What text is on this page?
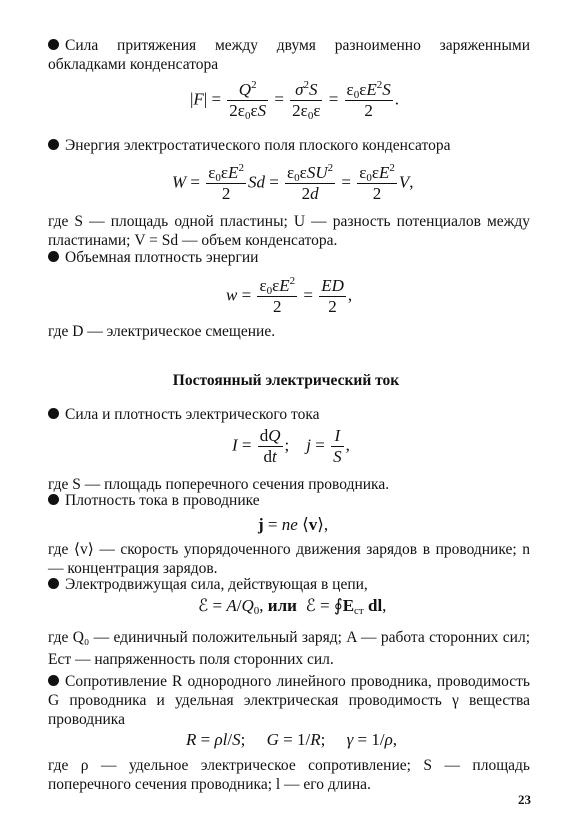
Сила притяжения между двумя разноименно заряженными обкладками конденсатора
$|F| = \frac{Q^2}{2\varepsilon_0\varepsilon S} = \frac{\sigma^2S}{2\varepsilon_0\varepsilon} = \frac{\varepsilon_0\varepsilon E^2S}{2}$ .
Энергия электростатического поля плоского конденсатора
$W = \frac{\varepsilon_0\varepsilon E^2}{2}$ $Sd = \frac{\varepsilon_0\varepsilon SU^2}{2d} = \frac{\varepsilon_0\varepsilon E^2}{2} V$,
где S — площадь одной пластины; U — разность потенциалов между пластинами; V = Sd — объем конденсатора.
Объемная плотность энергии
$w = \frac{\varepsilon_0\varepsilon E^2}{2} = \frac{ED}{2}$ ,
где D — электрическое смещение.
Постоянный электрический ток
Сила и плотность электрического тока
$I = \frac{dQ}{dt}$ ;    $j = \frac{I}{S}$ ,
где S — площадь поперечного сечения проводника.
Плотность тока в проводнике
j = ne ⟨v⟩,
где ⟨v⟩ — скорость упорядоченного движения зарядов в проводнике; n — концентрация зарядов.
Электродвижущая сила, действующая в цепи,
ℰ = $A/Q_0$, или  ℰ = $∮E_{ст}$ dl,
где Q₀ — единичный положительный заряд; A — работа сторонних сил; Eст — напряженность поля сторонних сил.
Сопротивление R однородного линейного проводника, проводимость G проводника и удельная электрическая проводимость γ вещества проводника
R = ρl/S;     G = 1/R;     γ = 1/ρ,
где ρ — удельное электрическое сопротивление; S — площадь поперечного сечения проводника; l — его длина.
23
